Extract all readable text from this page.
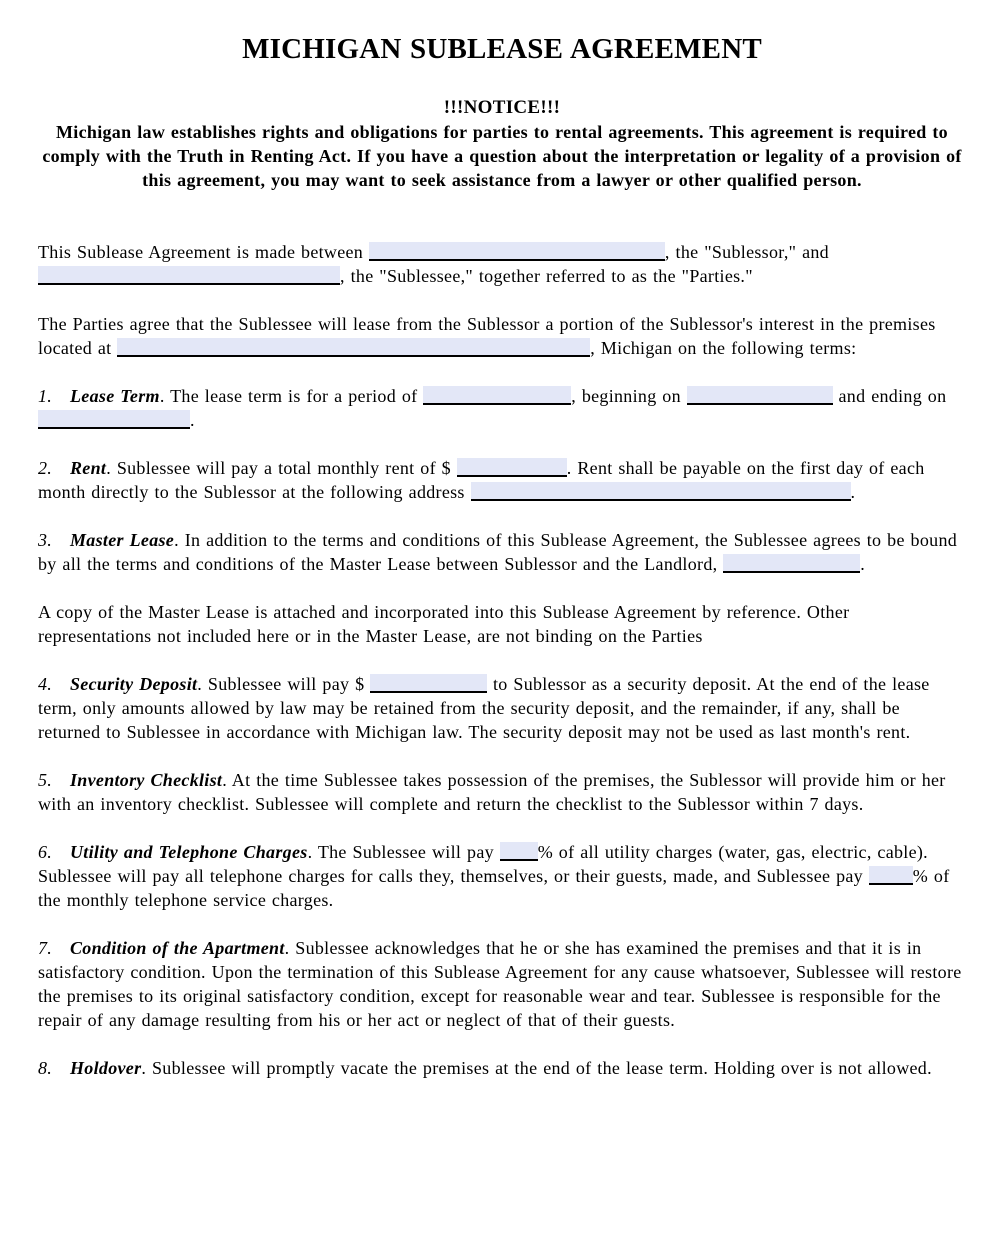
MICHIGAN SUBLEASE AGREEMENT
!!!NOTICE!!!
Michigan law establishes rights and obligations for parties to rental agreements. This agreement is required to comply with the Truth in Renting Act. If you have a question about the interpretation or legality of a provision of this agreement, you may want to seek assistance from a lawyer or other qualified person.

This Sublease Agreement is made between	, the "Sublessor," and , the "Sublessee," together referred to as the "Parties."

The Parties agree that the Sublessee will lease from the Sublessor a portion of the Sublessor's interest in the premises located at	, Michigan on the following terms:

1. Lease Term. The lease term is for a period of	, beginning on	and ending on .

2. Rent. Sublessee will pay a total monthly rent of $	. Rent shall be payable on the first day of each month directly to the Sublessor at the following address	.

3. Master Lease. In addition to the terms and conditions of this Sublease Agreement, the Sublessee agrees to be bound by all the terms and conditions of the Master Lease between Sublessor and the Landlord,	.

A copy of the Master Lease is attached and incorporated into this Sublease Agreement by reference. Other representations not included here or in the Master Lease, are not binding on the Parties

4. Security Deposit. Sublessee will pay $	to Sublessor as a security deposit. At the end of the lease term, only amounts allowed by law may be retained from the security deposit, and the remainder, if any, shall be returned to Sublessee in accordance with Michigan law. The security deposit may not be used as last month's rent.

5. Inventory Checklist. At the time Sublessee takes possession of the premises, the Sublessor will provide him or her with an inventory checklist. Sublessee will complete and return the checklist to the Sublessor within 7 days.

6. Utility and Telephone Charges. The Sublessee will pay % of all utility charges (water, gas, electric, cable). Sublessee will pay all telephone charges for calls they, themselves, or their guests, made, and Sublessee pay % of the monthly telephone service charges.

7. Condition of the Apartment. Sublessee acknowledges that he or she has examined the premises and that it is in satisfactory condition. Upon the termination of this Sublease Agreement for any cause whatsoever, Sublessee will restore the premises to its original satisfactory condition, except for reasonable wear and tear. Sublessee is responsible for the repair of any damage resulting from his or her act or neglect of that of their guests.

8. Holdover. Sublessee will promptly vacate the premises at the end of the lease term. Holding over is not allowed.
